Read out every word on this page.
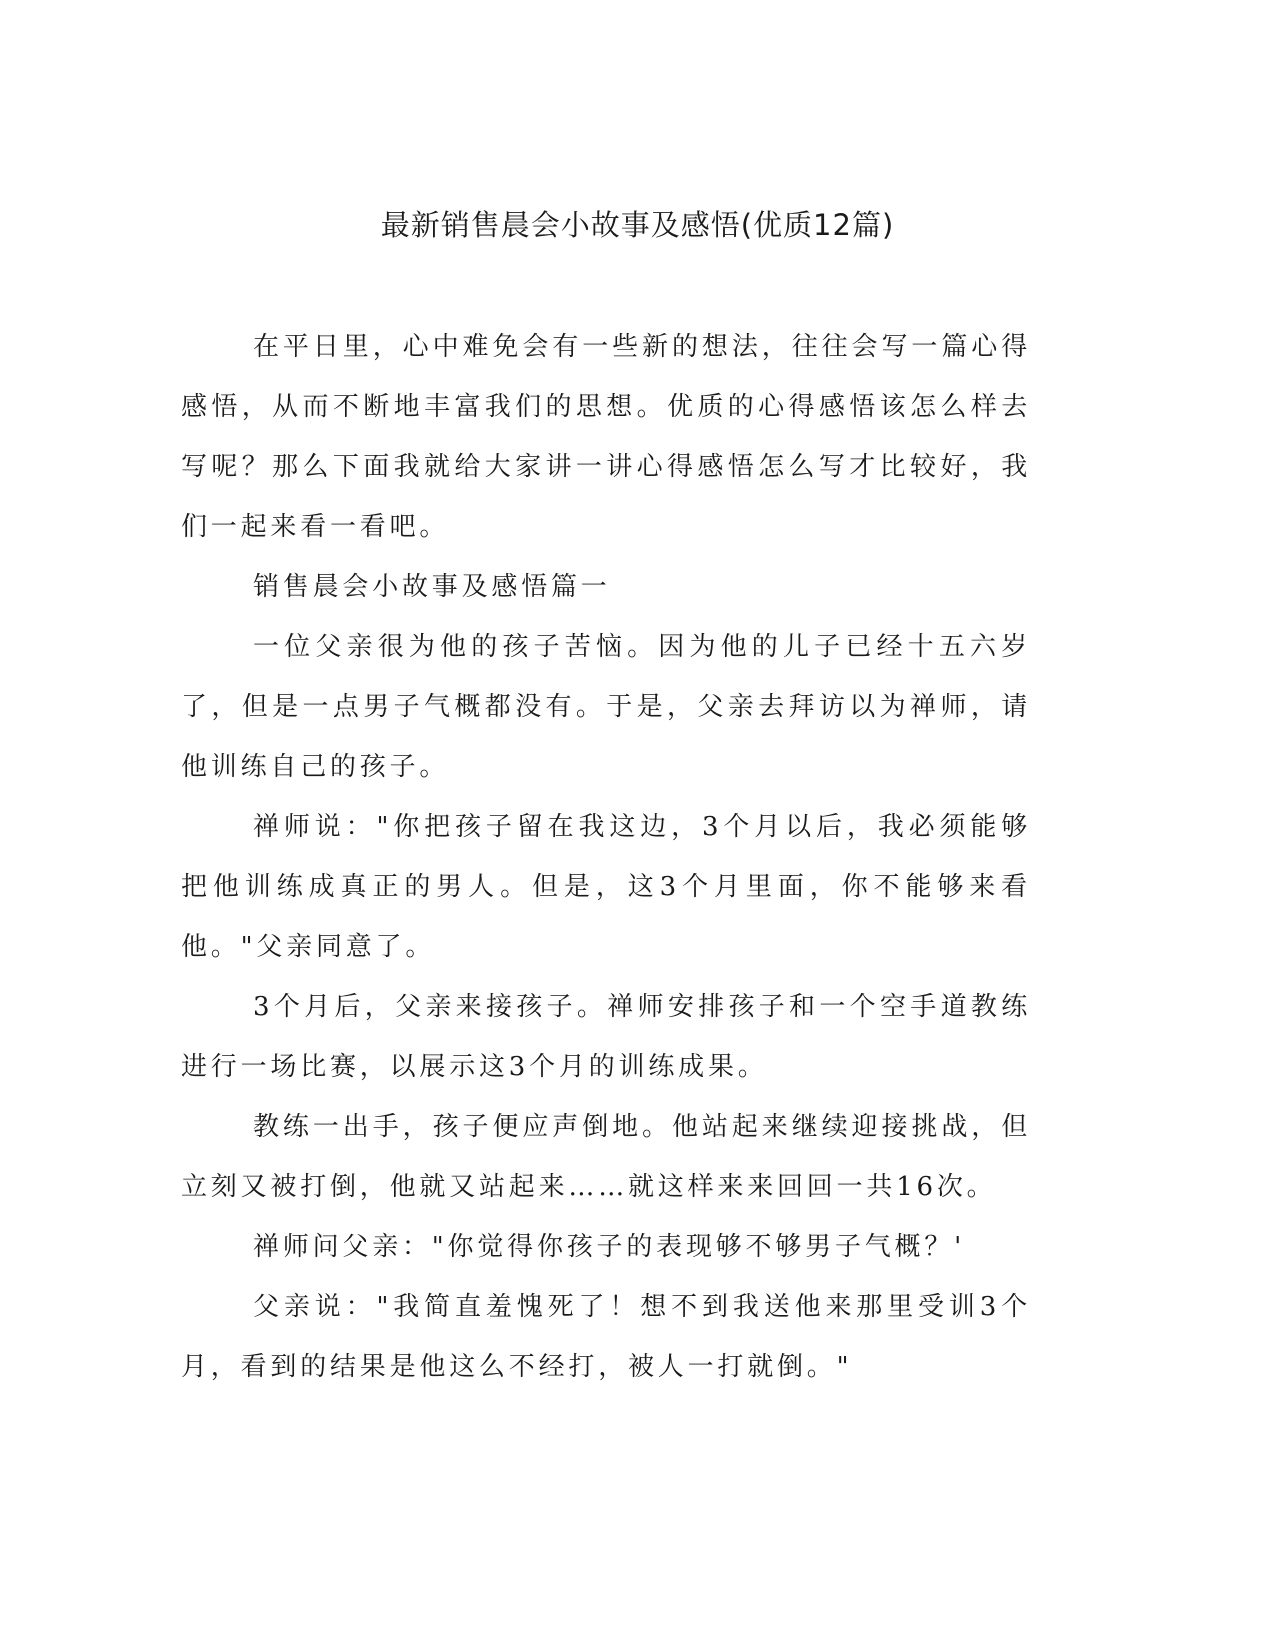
最新销售晨会小故事及感悟(优质12篇)

在平日里，心中难免会有一些新的想法，往往会写一篇心得感悟，从而不断地丰富我们的思想。优质的心得感悟该怎么样去写呢？那么下面我就给大家讲一讲心得感悟怎么写才比较好，我们一起来看一看吧。

销售晨会小故事及感悟篇一

一位父亲很为他的孩子苦恼。因为他的儿子已经十五六岁了，但是一点男子气概都没有。于是，父亲去拜访以为禅师，请他训练自己的孩子。

禅师说："你把孩子留在我这边，3个月以后，我必须能够把他训练成真正的男人。但是，这3个月里面，你不能够来看他。"父亲同意了。

3个月后，父亲来接孩子。禅师安排孩子和一个空手道教练进行一场比赛，以展示这3个月的训练成果。

教练一出手，孩子便应声倒地。他站起来继续迎接挑战，但立刻又被打倒，他就又站起来……就这样来来回回一共16次。

禅师问父亲："你觉得你孩子的表现够不够男子气概？'

父亲说："我简直羞愧死了！想不到我送他来那里受训3个月，看到的结果是他这么不经打，被人一打就倒。"
